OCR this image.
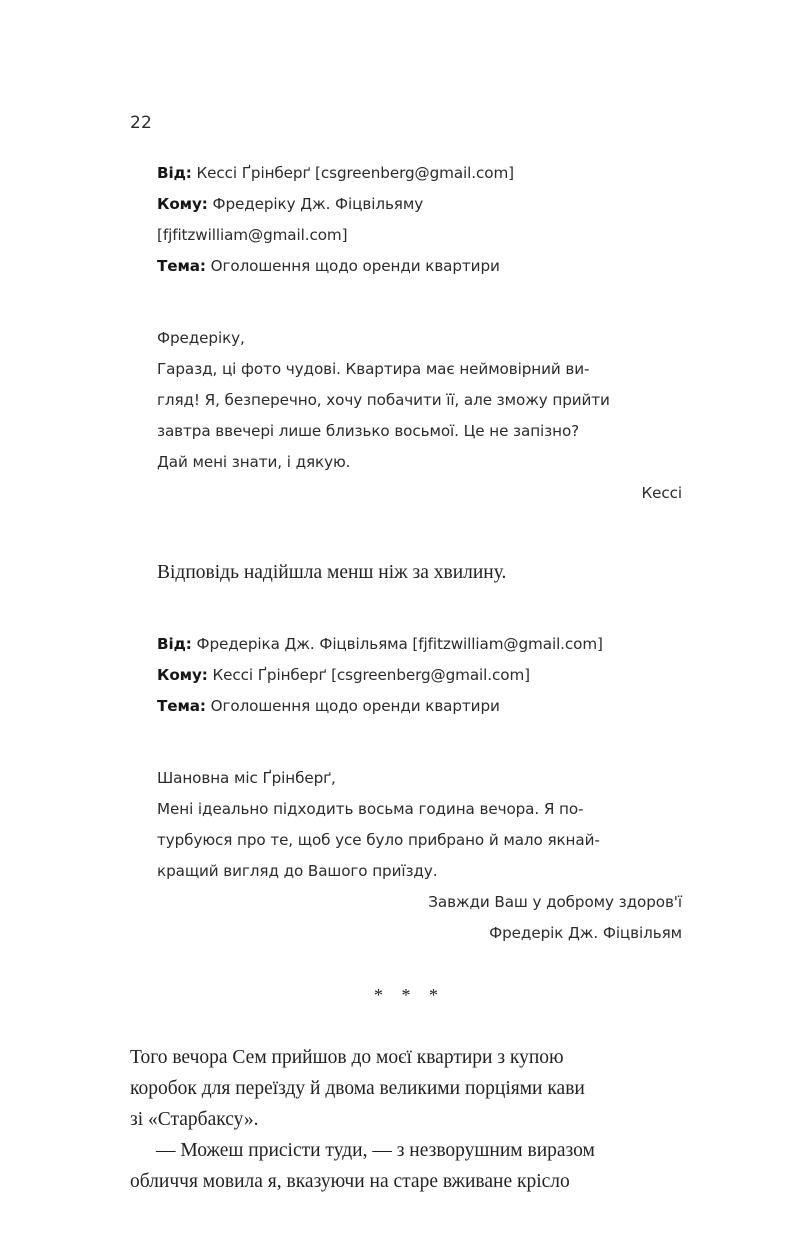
22
Від: Кессі Ґрінберґ [csgreenberg@gmail.com]
Кому: Фредеріку Дж. Фіцвільяму
[fjfitzwilliam@gmail.com]
Тема: Оголошення щодо оренди квартири
Фредеріку,
Гаразд, ці фото чудові. Квартира має неймовірний ви-
гляд! Я, безперечно, хочу побачити її, але зможу прийти
завтра ввечері лише близько восьмої. Це не запізно?
Дай мені знати, і дякую.
Кессі

Відповідь надійшла менш ніж за хвилину.

Від: Фредеріка Дж. Фіцвільяма [fjfitzwilliam@gmail.com]
Кому: Кессі Ґрінберґ [csgreenberg@gmail.com]
Тема: Оголошення щодо оренди квартири
Шановна міс Ґрінберґ,
Мені ідеально підходить восьма година вечора. Я по-
турбуюся про те, щоб усе було прибрано й мало якнай-
кращий вигляд до Вашого приїзду.
Завжди Ваш у доброму здоров'ї
Фредерік Дж. Фіцвільям

* * *

Того вечора Сем прийшов до моєї квартири з купою
коробок для переїзду й двома великими порціями кави
зі «Старбаксу».

— Можеш присісти туди, — з незворушним виразом
обличчя мовила я, вказуючи на старе вживане крісло
